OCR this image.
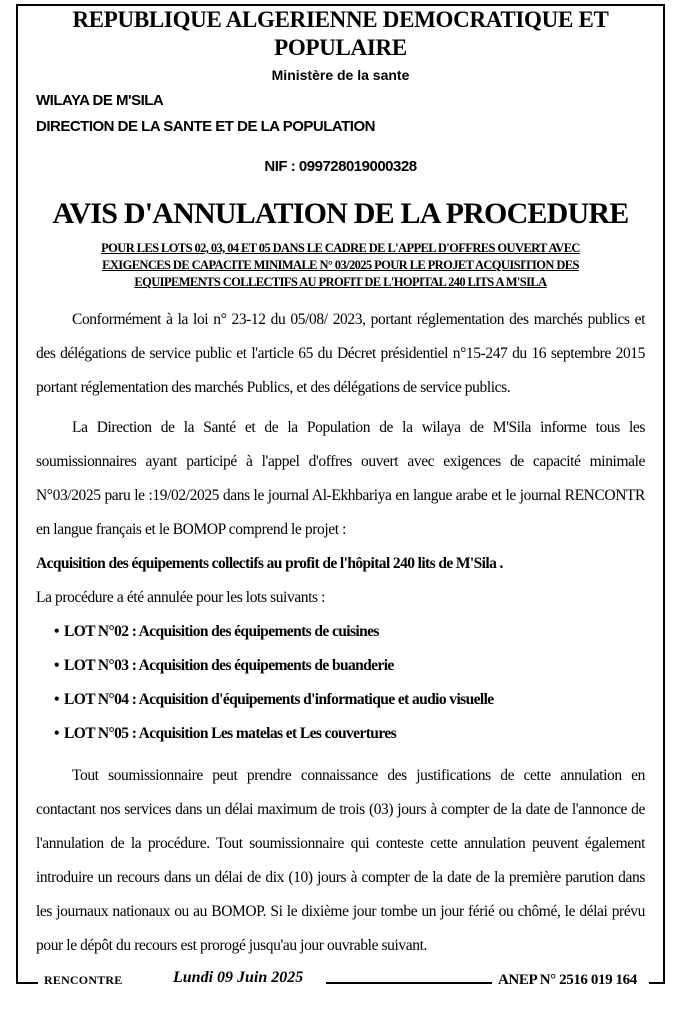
REPUBLIQUE ALGERIENNE DEMOCRATIQUE ET POPULAIRE
Ministère de la sante
WILAYA DE M'SILA
DIRECTION DE LA SANTE ET DE LA POPULATION
NIF : 099728019000328
AVIS D'ANNULATION DE LA PROCEDURE
POUR LES LOTS 02, 03, 04 ET 05 DANS LE CADRE DE L'APPEL D'OFFRES OUVERT AVEC
EXIGENCES DE CAPACITE MINIMALE N° 03/2025 POUR LE PROJET ACQUISITION DES
EQUIPEMENTS COLLECTIFS AU PROFIT DE L'HOPITAL 240 LITS A M'SILA

Conformément à la loi n° 23-12 du 05/08/ 2023, portant réglementation des marchés publics et des délégations de service public et l'article 65 du Décret présidentiel n°15-247 du 16 septembre 2015 portant réglementation des marchés Publics, et des délégations de service publics.

La Direction de la Santé et de la Population de la wilaya de M'Sila informe tous les soumissionnaires ayant participé à l'appel d'offres ouvert avec exigences de capacité minimale N°03/2025 paru le :19/02/2025 dans le journal Al-Ekhbariya en langue arabe et le journal RENCONTR en langue français et le BOMOP comprend le projet :

Acquisition des équipements collectifs au profit de l'hôpital 240 lits de M'Sila .
La procédure a été annulée pour les lots suivants :
• LOT N°02 : Acquisition des équipements de cuisines
• LOT N°03 : Acquisition des équipements de buanderie
• LOT N°04 : Acquisition d'équipements d'informatique et audio visuelle
• LOT N°05 : Acquisition Les matelas et Les couvertures

Tout soumissionnaire peut prendre connaissance des justifications de cette annulation en contactant nos services dans un délai maximum de trois (03) jours à compter de la date de l'annonce de l'annulation de la procédure. Tout soumissionnaire qui conteste cette annulation peuvent également introduire un recours dans un délai de dix (10) jours à compter de la date de la première parution dans les journaux nationaux ou au BOMOP. Si le dixième jour tombe un jour férié ou chômé, le délai prévu pour le dépôt du recours est prorogé jusqu'au jour ouvrable suivant.

RENCONTRE	Lundi 09 Juin 2025	ANEP N° 2516 019 164
